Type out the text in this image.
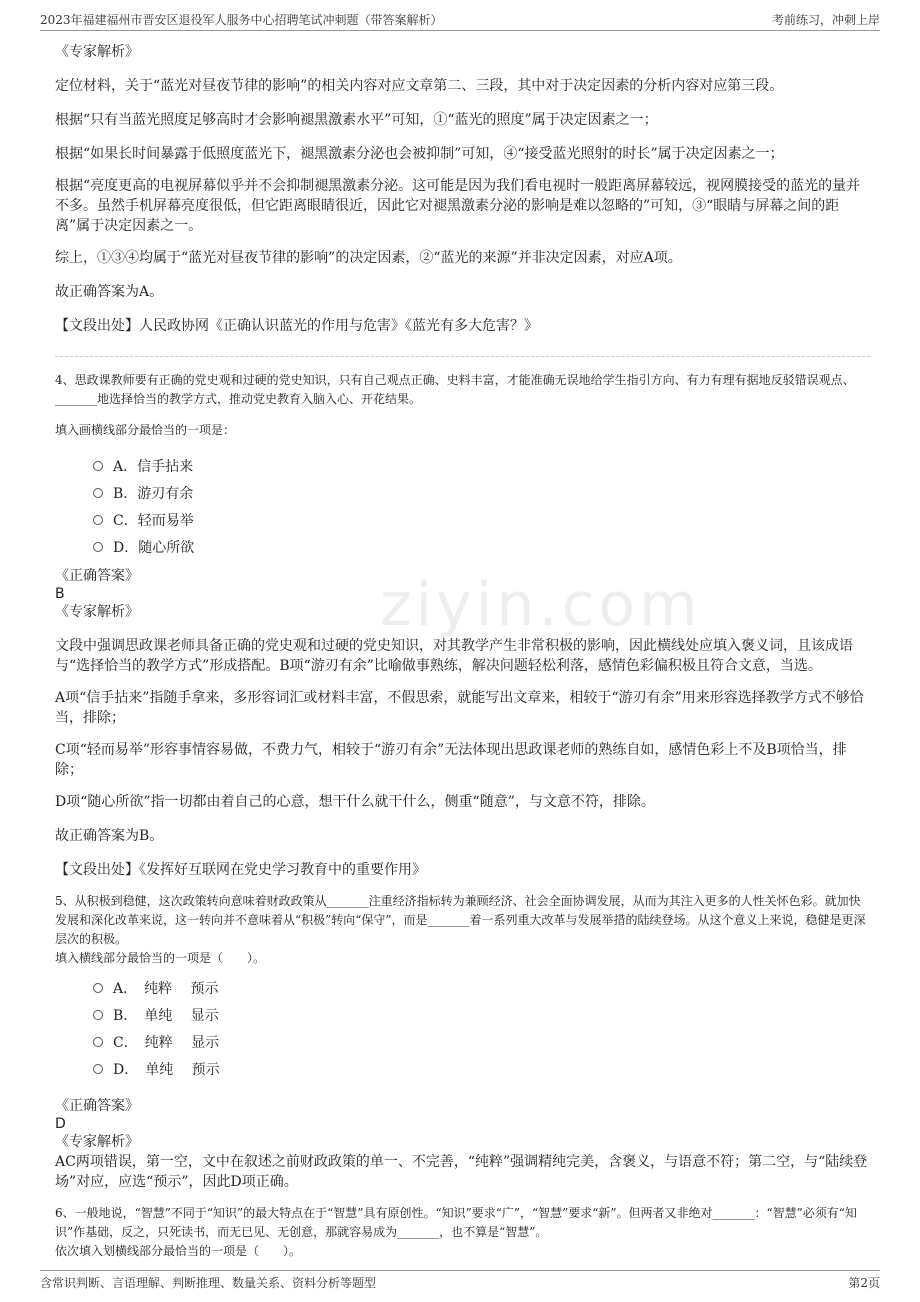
2023年福建福州市晋安区退役军人服务中心招聘笔试冲刺题（带答案解析）	考前练习，冲刺上岸
ziyin.com

《专家解析》

定位材料，关于“蓝光对昼夜节律的影响”的相关内容对应文章第二、三段，其中对于决定因素的分析内容对应第三段。

根据“只有当蓝光照度足够高时才会影响褪黑激素水平”可知，①“蓝光的照度”属于决定因素之一；

根据“如果长时间暴露于低照度蓝光下，褪黑激素分泌也会被抑制”可知，④“接受蓝光照射的时长”属于决定因素之一；

根据“亮度更高的电视屏幕似乎并不会抑制褪黑激素分泌。这可能是因为我们看电视时一般距离屏幕较远，视网膜接受的蓝光的量并不多。虽然手机屏幕亮度很低，但它距离眼睛很近，因此它对褪黑激素分泌的影响是难以忽略的”可知，③“眼睛与屏幕之间的距离”属于决定因素之一。

综上，①③④均属于“蓝光对昼夜节律的影响”的决定因素，②“蓝光的来源”并非决定因素，对应A项。

故正确答案为A。

【文段出处】人民政协网《正确认识蓝光的作用与危害》《蓝光有多大危害？》

4、思政课教师要有正确的党史观和过硬的党史知识，只有自己观点正确、史料丰富，才能准确无误地给学生指引方向、有力有理有据地反驳错误观点、_______地选择恰当的教学方式，推动党史教育入脑入心、开花结果。

填入画横线部分最恰当的一项是：

A．信手拈来
B．游刃有余
C．轻而易举
D．随心所欲

《正确答案》

B

《专家解析》

文段中强调思政课老师具备正确的党史观和过硬的党史知识，对其教学产生非常积极的影响，因此横线处应填入褒义词，且该成语与“选择恰当的教学方式”形成搭配。B项“游刃有余”比喻做事熟练，解决问题轻松利落，感情色彩偏积极且符合文意，当选。

A项“信手拈来”指随手拿来，多形容词汇或材料丰富，不假思索，就能写出文章来，相较于“游刃有余”用来形容选择教学方式不够恰当，排除；

C项“轻而易举”形容事情容易做，不费力气，相较于“游刃有余”无法体现出思政课老师的熟练自如，感情色彩上不及B项恰当，排除；

D项“随心所欲”指一切都由着自己的心意，想干什么就干什么，侧重“随意”，与文意不符，排除。

故正确答案为B。

【文段出处】《发挥好互联网在党史学习教育中的重要作用》

5、从积极到稳健，这次政策转向意味着财政政策从_______注重经济指标转为兼顾经济、社会全面协调发展，从而为其注入更多的人性关怀色彩。就加快发展和深化改革来说，这一转向并不意味着从“积极”转向“保守”，而是_______着一系列重大改革与发展举措的陆续登场。从这个意义上来说，稳健是更深层次的积极。

填入横线部分最恰当的一项是（　　）。

A．　纯粹　 预示
B．　单纯　 显示
C．　纯粹　 显示
D．　单纯　 预示

《正确答案》

D

《专家解析》

AC两项错误，第一空，文中在叙述之前财政政策的单一、不完善，“纯粹”强调精纯完美，含褒义，与语意不符；第二空，与“陆续登场”对应，应选“预示”，因此D项正确。

6、一般地说，“智慧”不同于“知识”的最大特点在于“智慧”具有原创性。“知识”要求“广”，“智慧”要求“新”。但两者又非绝对_______：“智慧”必须有“知识”作基础，反之，只死读书，而无已见、无创意，那就容易成为_______，也不算是“智慧”。

依次填入划横线部分最恰当的一项是（　　）。

含常识判断、言语理解、判断推理、数量关系、资料分析等题型	第2页
